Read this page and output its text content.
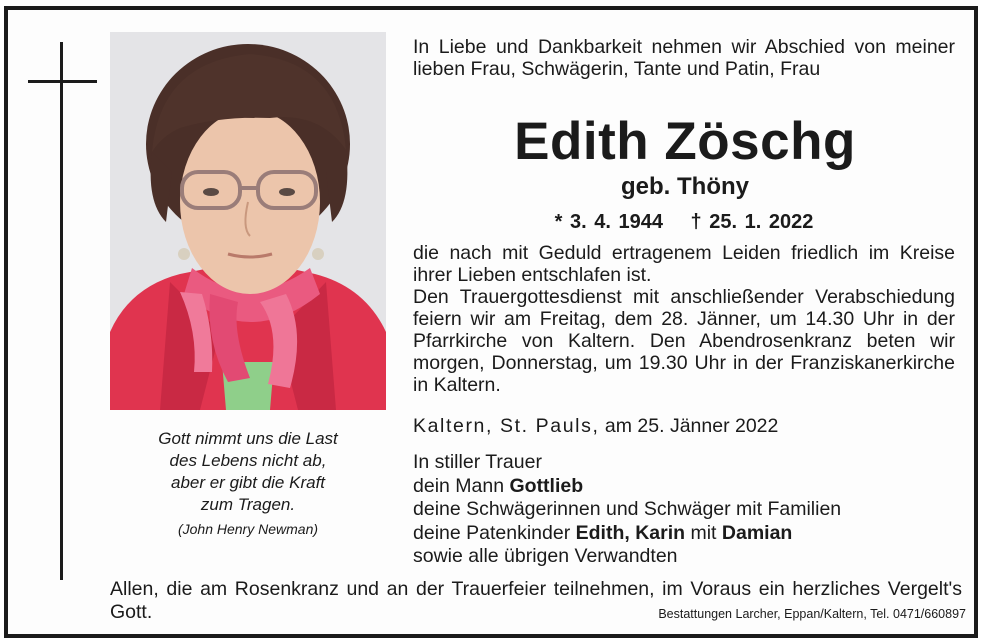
Gott nimmt uns die Last
des Lebens nicht ab,
aber er gibt die Kraft
zum Tragen.
(John Henry Newman)
In Liebe und Dankbarkeit nehmen wir Abschied von meiner lieben Frau, Schwägerin, Tante und Patin, Frau
Edith Zöschg
geb. Thöny
* 3. 4. 1944 † 25. 1. 2022
die nach mit Geduld ertragenem Leiden friedlich im Kreise ihrer Lieben entschlafen ist.
Den Trauergottesdienst mit anschließender Verabschiedung feiern wir am Freitag, dem 28. Jänner, um 14.30 Uhr in der Pfarrkirche von Kaltern. Den Abendrosenkranz beten wir morgen, Donnerstag, um 19.30 Uhr in der Franziskanerkirche in Kaltern.
Kaltern, St. Pauls, am 25. Jänner 2022
In stiller Trauer
dein Mann Gottlieb
deine Schwägerinnen und Schwäger mit Familien
deine Patenkinder Edith, Karin mit Damian
sowie alle übrigen Verwandten
Allen, die am Rosenkranz und an der Trauerfeier teilnehmen, im Voraus ein herzliches Vergelt's Gott.	Bestattungen Larcher, Eppan/Kaltern, Tel. 0471/660897
